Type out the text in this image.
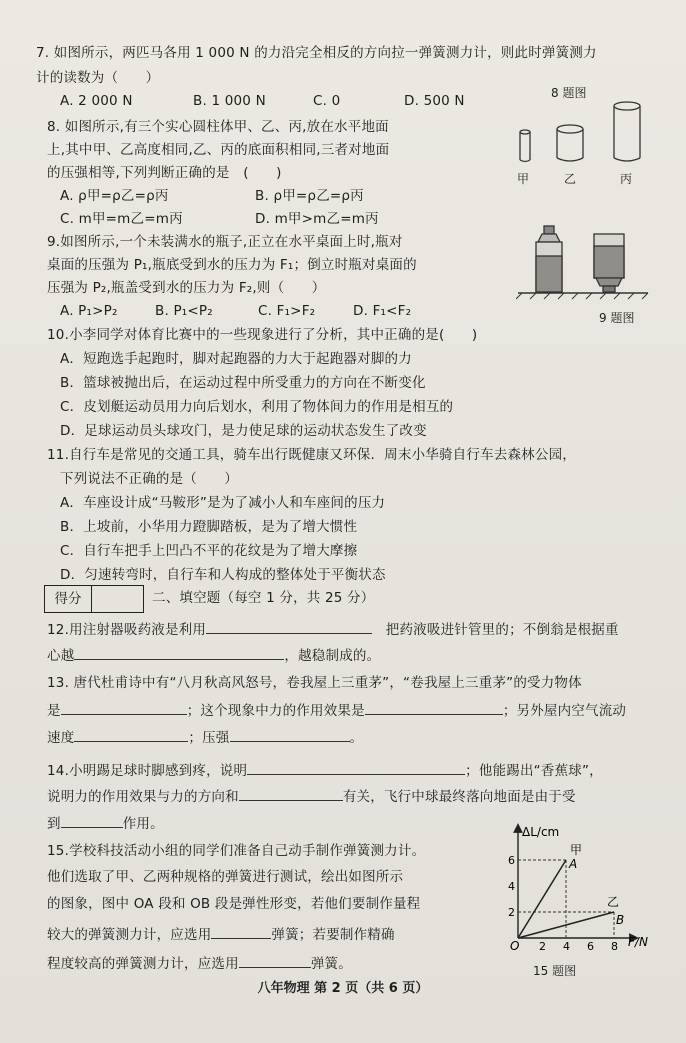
7. 如图所示，两匹马各用 1 000 N 的力沿完全相反的方向拉一弹簧测力计，则此时弹簧测力
计的读数为（　　）
A. 2 000 N	B. 1 000 N	C. 0	D. 500 N	8 题图
8. 如图所示,有三个实心圆柱体甲、乙、丙,放在水平地面
上,其中甲、乙高度相同,乙、丙的底面积相同,三者对地面
的压强相等,下列判断正确的是　(　　)
A. ρ甲=ρ乙=ρ丙	B. ρ甲=ρ乙=ρ丙
C. m甲=m乙=m丙	D. m甲>m乙=m丙
甲	乙	丙
9.如图所示,一个未装满水的瓶子,正立在水平桌面上时,瓶对
桌面的压强为 P₁,瓶底受到水的压力为 F₁；倒立时瓶对桌面的
压强为 P₂,瓶盖受到水的压力为 F₂,则（　　）
A. P₁>P₂	B. P₁<P₂	C. F₁>F₂	D. F₁<F₂	9 题图
10.小李同学对体育比赛中的一些现象进行了分析，其中正确的是(　　)
A．短跑选手起跑时，脚对起跑器的力大于起跑器对脚的力
B．篮球被抛出后，在运动过程中所受重力的方向在不断变化
C．皮划艇运动员用力向后划水，利用了物体间力的作用是相互的
D．足球运动员头球攻门，是力使足球的运动状态发生了改变
11.自行车是常见的交通工具，骑车出行既健康又环保．周末小华骑自行车去森林公园，
下列说法不正确的是（　　）
A．车座设计成“马鞍形”是为了减小人和车座间的压力
B．上坡前，小华用力蹬脚踏板，是为了增大惯性
C．自行车把手上凹凸不平的花纹是为了增大摩擦
D．匀速转弯时，自行车和人构成的整体处于平衡状态
得分	二、填空题（每空 1 分，共 25 分）
12.用注射器吸药液是利用　	把药液吸进针管里的；不倒翁是根据重
心越	，越稳制成的。
13. 唐代杜甫诗中有“八月秋高风怒号，卷我屋上三重茅”，“卷我屋上三重茅”的受力物体
是	；这个现象中力的作用效果是	；另外屋内空气流动
速度	；压强	。
14.小明踢足球时脚感到疼，说明	；他能踢出“香蕉球”，
说明力的作用效果与力的方向和	有关，飞行中球最终落向地面是由于受
到	作用。
15.学校科技活动小组的同学们准备自己动手制作弹簧测力计。
他们选取了甲、乙两种规格的弹簧进行测试，绘出如图所示
的图象，图中 OA 段和 OB 段是弹性形变，若他们要制作量程
较大的弹簧测力计，应选用	弹簧；若要制作精确
程度较高的弹簧测力计，应选用	弹簧。
ΔL/cm
F/N
O
2
4
6
2 4 6 8
甲
A
乙
B
15 题图
八年物理 第 2 页（共 6 页）
